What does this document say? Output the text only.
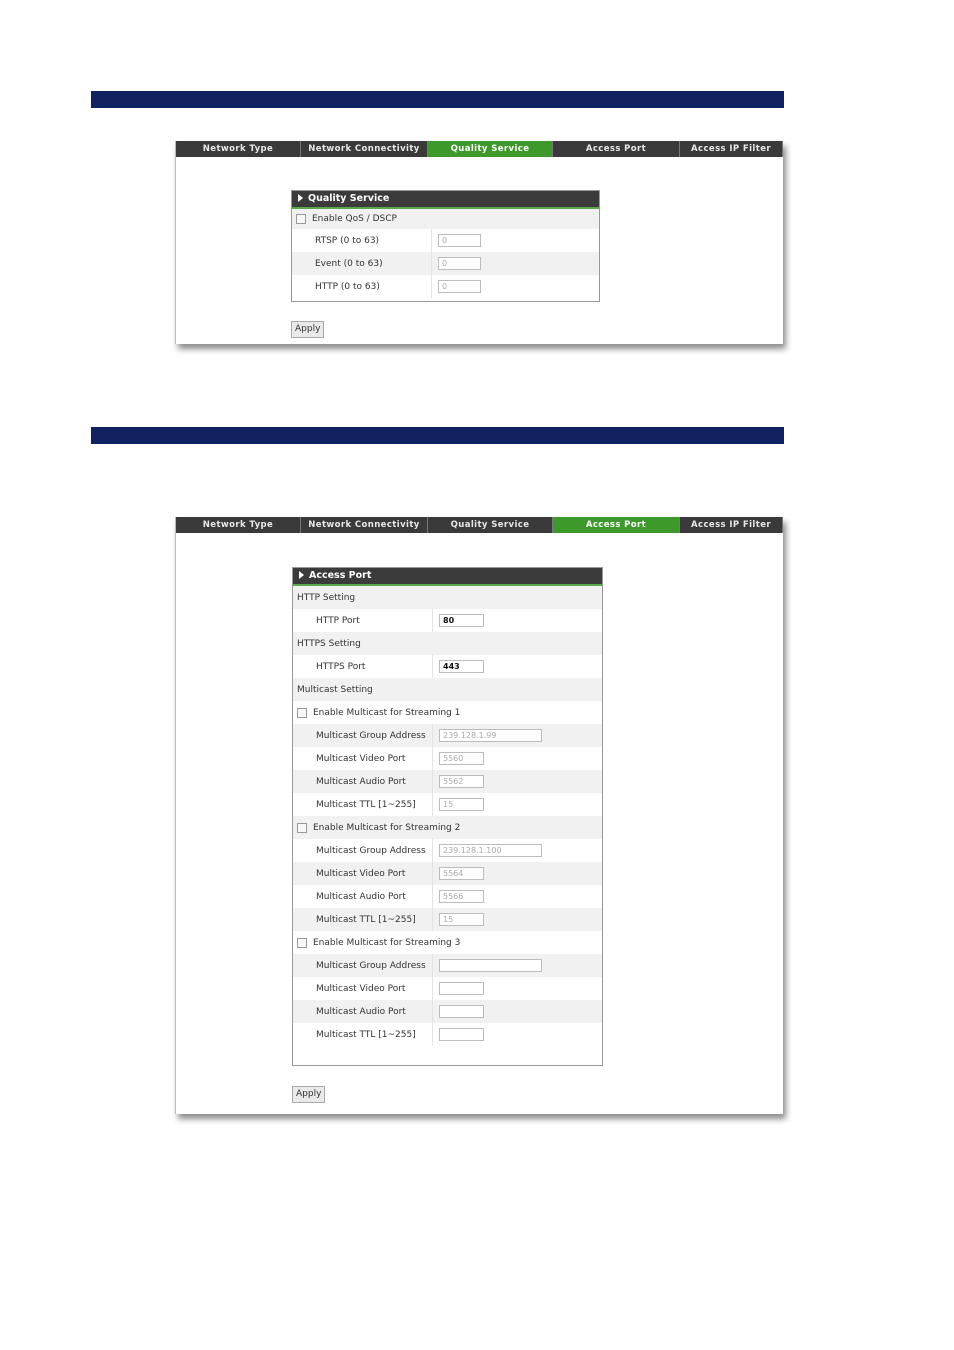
Network Type	Network Connectivity	Quality Service	Access Port	Access IP Filter
Quality Service
Enable QoS / DSCP
RTSP (0 to 63)	0
Event (0 to 63)	0
HTTP (0 to 63)	0
Apply
Network Type	Network Connectivity	Quality Service	Access Port	Access IP Filter
Access Port
HTTP Setting
HTTP Port	80
HTTPS Setting
HTTPS Port	443
Multicast Setting
Enable Multicast for Streaming 1
Multicast Group Address	239.128.1.99
Multicast Video Port	5560
Multicast Audio Port	5562
Multicast TTL [1~255]	15
Enable Multicast for Streaming 2
Multicast Group Address	239.128.1.100
Multicast Video Port	5564
Multicast Audio Port	5566
Multicast TTL [1~255]	15
Enable Multicast for Streaming 3
Multicast Group Address
Multicast Video Port
Multicast Audio Port
Multicast TTL [1~255]
Apply
